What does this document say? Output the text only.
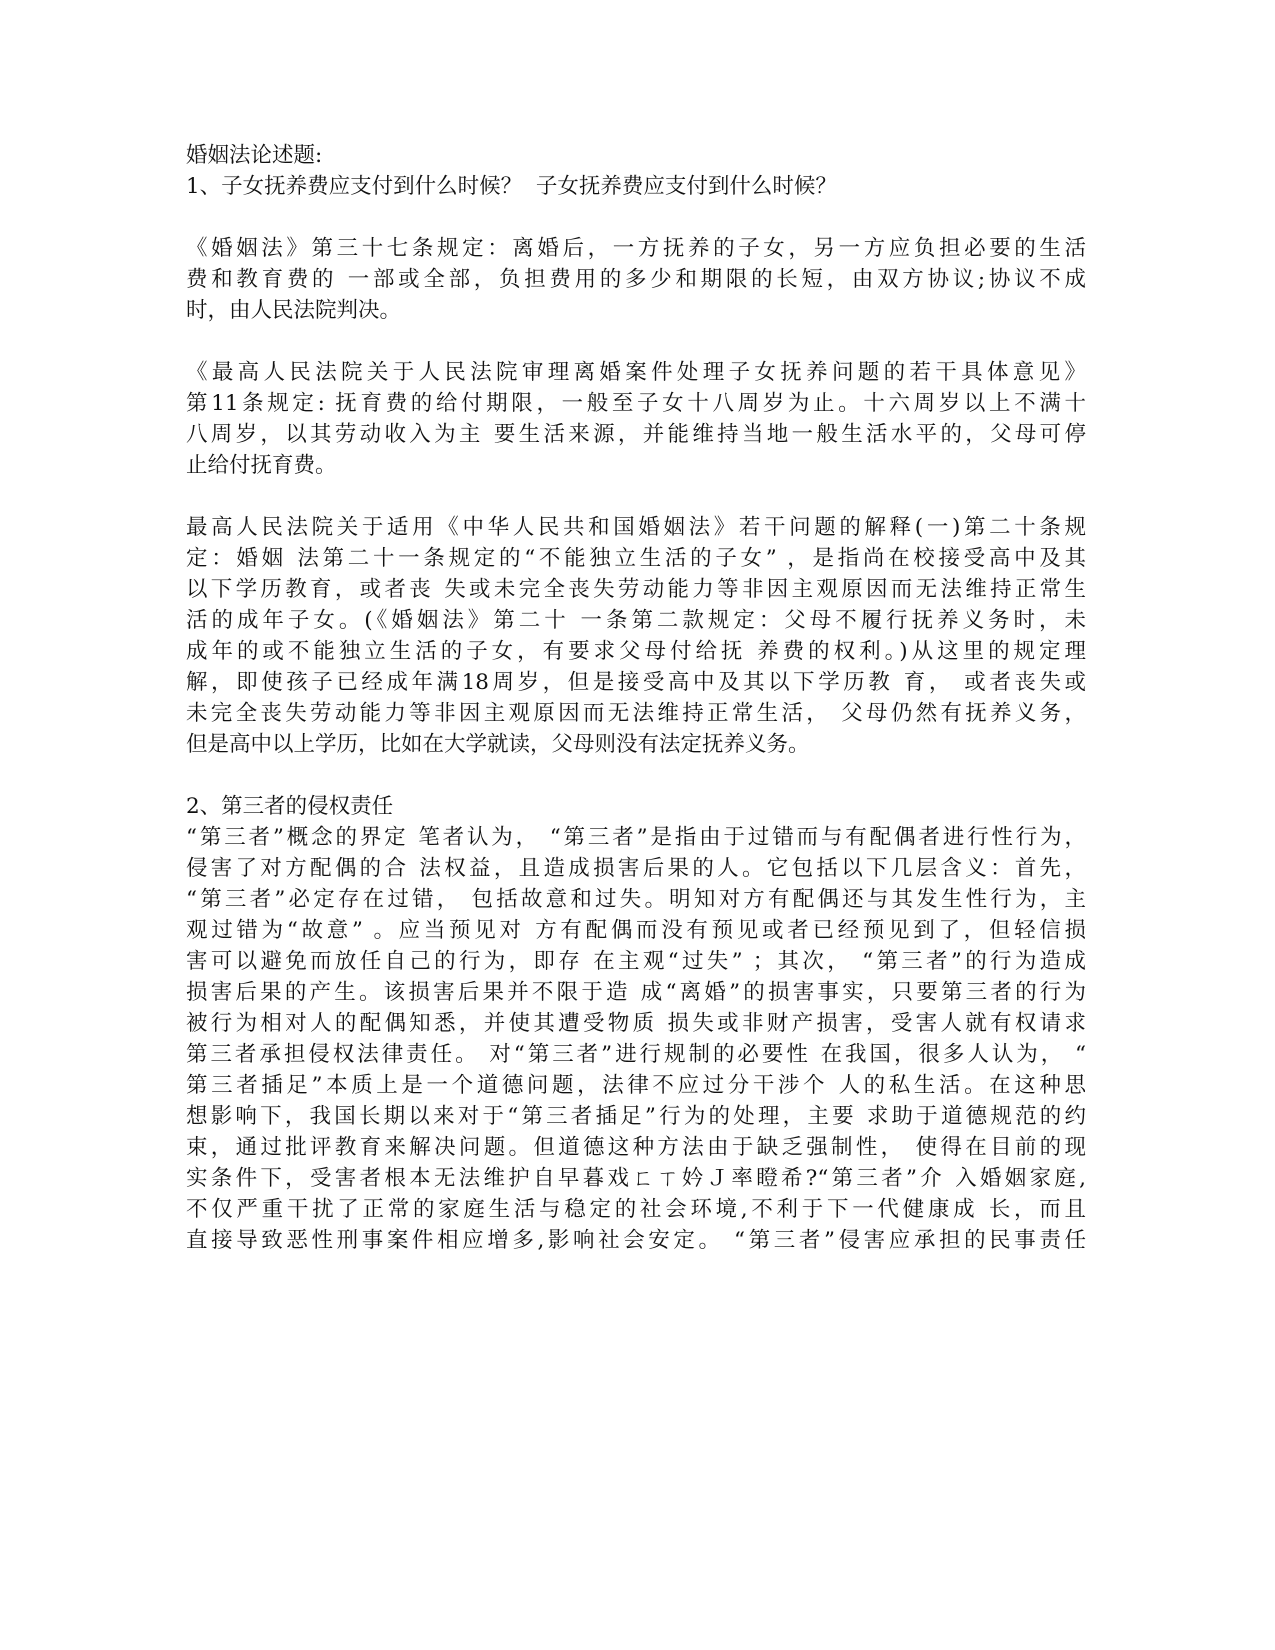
婚姻法论述题:
1、子女抚养费应支付到什么时候？  子女抚养费应支付到什么时候？
《婚姻法》第三十七条规定：离婚后，一方抚养的子女，另一方应负担必要的生活
费和教育费的 一部或全部，负担费用的多少和期限的长短，由双方协议;协议不成
时，由人民法院判决。
《最高人民法院关于人民法院审理离婚案件处理子女抚养问题的若干具体意见》
第11条规定: 抚育费的给付期限，一般至子女十八周岁为止。十六周岁以上不满十
八周岁，以其劳动收入为主 要生活来源，并能维持当地一般生活水平的，父母可停
止给付抚育费。
最高人民法院关于适用《中华人民共和国婚姻法》若干问题的解释(一)第二十条规
定：婚姻 法第二十一条规定的“不能独立生活的子女” ，是指尚在校接受高中及其
以下学历教育，或者丧 失或未完全丧失劳动能力等非因主观原因而无法维持正常生
活的成年子女。(《婚姻法》第二十 一条第二款规定：父母不履行抚养义务时，未
成年的或不能独立生活的子女，有要求父母付给抚 养费的权利。)从这里的规定理
解，即使孩子已经成年满18周岁，但是接受高中及其以下学历教 育， 或者丧失或
未完全丧失劳动能力等非因主观原因而无法维持正常生活， 父母仍然有抚养义务，
但是高中以上学历，比如在大学就读，父母则没有法定抚养义务。
2、第三者的侵权责任
“第三者”概念的界定 笔者认为， “第三者”是指由于过错而与有配偶者进行性行为，
侵害了对方配偶的合 法权益，且造成损害后果的人。它包括以下几层含义：首先，
“第三者”必定存在过错， 包括故意和过失。明知对方有配偶还与其发生性行为，主
观过错为“故意” 。应当预见对 方有配偶而没有预见或者已经预见到了，但轻信损
害可以避免而放任自己的行为，即存 在主观“过失” ；其次， “第三者”的行为造成
损害后果的产生。该损害后果并不限于造 成“离婚”的损害事实，只要第三者的行为
被行为相对人的配偶知悉，并使其遭受物质 损失或非财产损害，受害人就有权请求
第三者承担侵权法律责任。 对“第三者”进行规制的必要性 在我国，很多人认为， “
第三者插足”本质上是一个道德问题，法律不应过分干涉个 人的私生活。在这种思
想影响下，我国长期以来对于“第三者插足”行为的处理，主要 求助于道德规范的约
束，通过批评教育来解决问题。但道德这种方法由于缺乏强制性， 使得在目前的现
实条件下，受害者根本无法维护自早暮戏ㄈㄒ妗Ｊ率瞪希?“第三者”介 入婚姻家庭,
不仅严重干扰了正常的家庭生活与稳定的社会环境,不利于下一代健康成 长，而且
直接导致恶性刑事案件相应增多,影响社会安定。 “第三者”侵害应承担的民事责任
